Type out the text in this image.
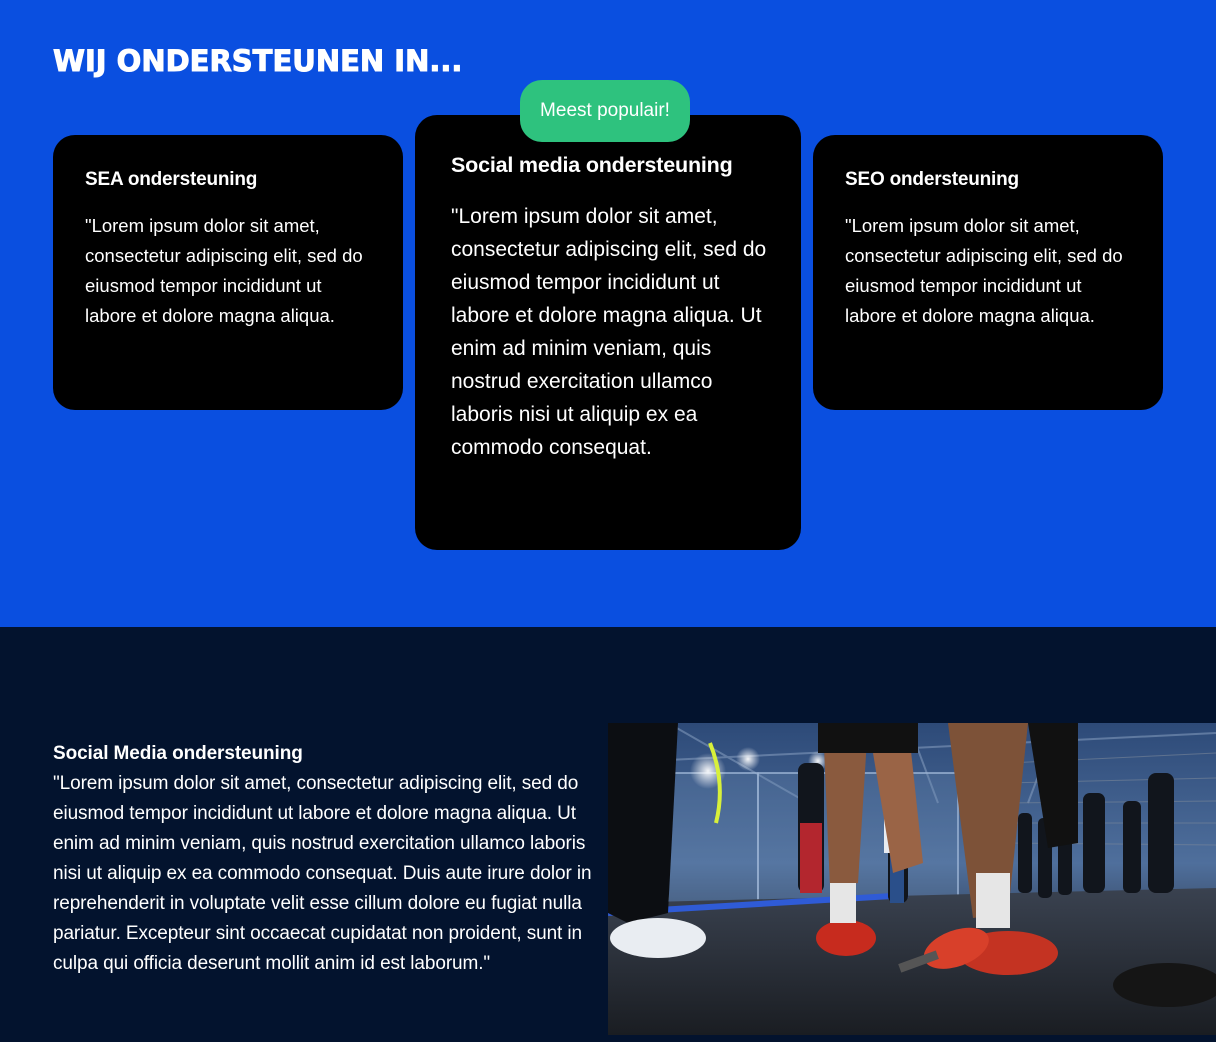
WIJ ONDERSTEUNEN IN...
SEA ondersteuning
"Lorem ipsum dolor sit amet, consectetur adipiscing elit, sed do eiusmod tempor incididunt ut labore et dolore magna aliqua.
Social media ondersteuning
"Lorem ipsum dolor sit amet, consectetur adipiscing elit, sed do eiusmod tempor incididunt ut labore et dolore magna aliqua. Ut enim ad minim veniam, quis nostrud exercitation ullamco laboris nisi ut aliquip ex ea commodo consequat.
Meest populair!
SEO ondersteuning
"Lorem ipsum dolor sit amet, consectetur adipiscing elit, sed do eiusmod tempor incididunt ut labore et dolore magna aliqua.
Social Media ondersteuning
"Lorem ipsum dolor sit amet, consectetur adipiscing elit, sed do eiusmod tempor incididunt ut labore et dolore magna aliqua. Ut enim ad minim veniam, quis nostrud exercitation ullamco laboris nisi ut aliquip ex ea commodo consequat. Duis aute irure dolor in reprehenderit in voluptate velit esse cillum dolore eu fugiat nulla pariatur. Excepteur sint occaecat cupidatat non proident, sunt in culpa qui officia deserunt mollit anim id est laborum."
